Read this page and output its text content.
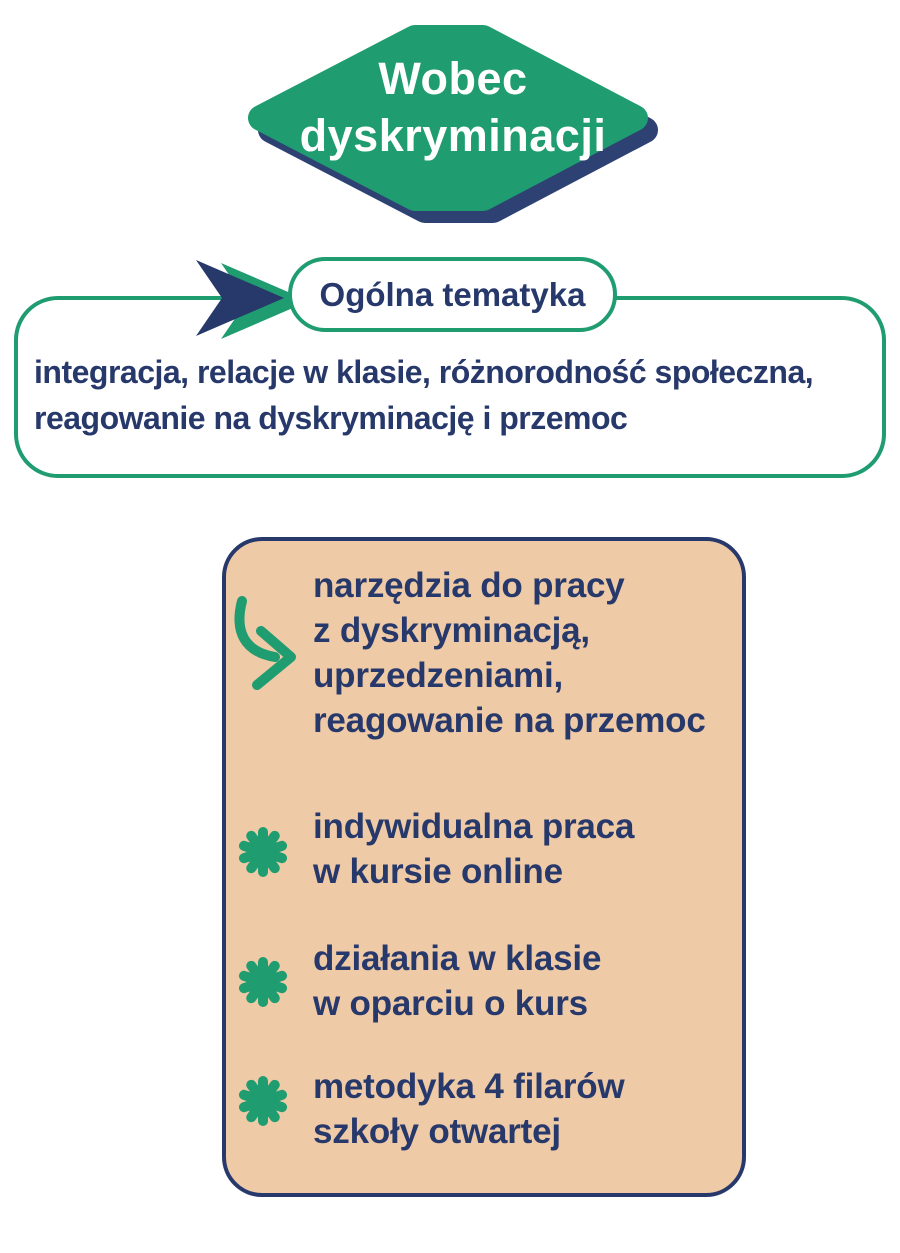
Wobec
dyskryminacji
Ogólna tematyka
integracja, relacje w klasie, różnorodność społeczna,
reagowanie na dyskryminację i przemoc
narzędzia do pracy
z dyskryminacją,
uprzedzeniami,
reagowanie na przemoc
indywidualna praca
w kursie online
działania w klasie
w oparciu o kurs
metodyka 4 filarów
szkoły otwartej
